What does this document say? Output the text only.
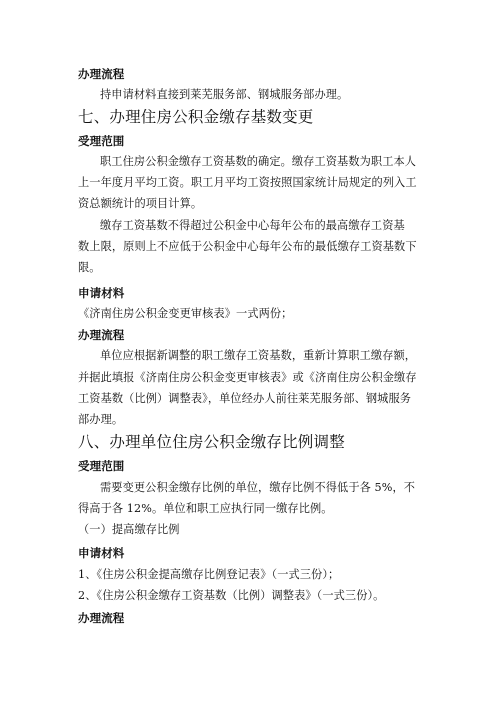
办理流程
持申请材料直接到莱芜服务部、钢城服务部办理。
七、办理住房公积金缴存基数变更
受理范围
职工住房公积金缴存工资基数的确定。缴存工资基数为职工本人
上一年度月平均工资。职工月平均工资按照国家统计局规定的列入工
资总额统计的项目计算。
缴存工资基数不得超过公积金中心每年公布的最高缴存工资基
数上限，原则上不应低于公积金中心每年公布的最低缴存工资基数下
限。
申请材料
《济南住房公积金变更审核表》一式两份；
办理流程
单位应根据新调整的职工缴存工资基数，重新计算职工缴存额，
并据此填报《济南住房公积金变更审核表》或《济南住房公积金缴存
工资基数（比例）调整表》，单位经办人前往莱芜服务部、钢城服务
部办理。
八、办理单位住房公积金缴存比例调整
受理范围
需要变更公积金缴存比例的单位，缴存比例不得低于各 5%，不
得高于各 12%。单位和职工应执行同一缴存比例。
（一）提高缴存比例
申请材料
1、《住房公积金提高缴存比例登记表》（一式三份）；
2、《住房公积金缴存工资基数（比例）调整表》（一式三份）。
办理流程
